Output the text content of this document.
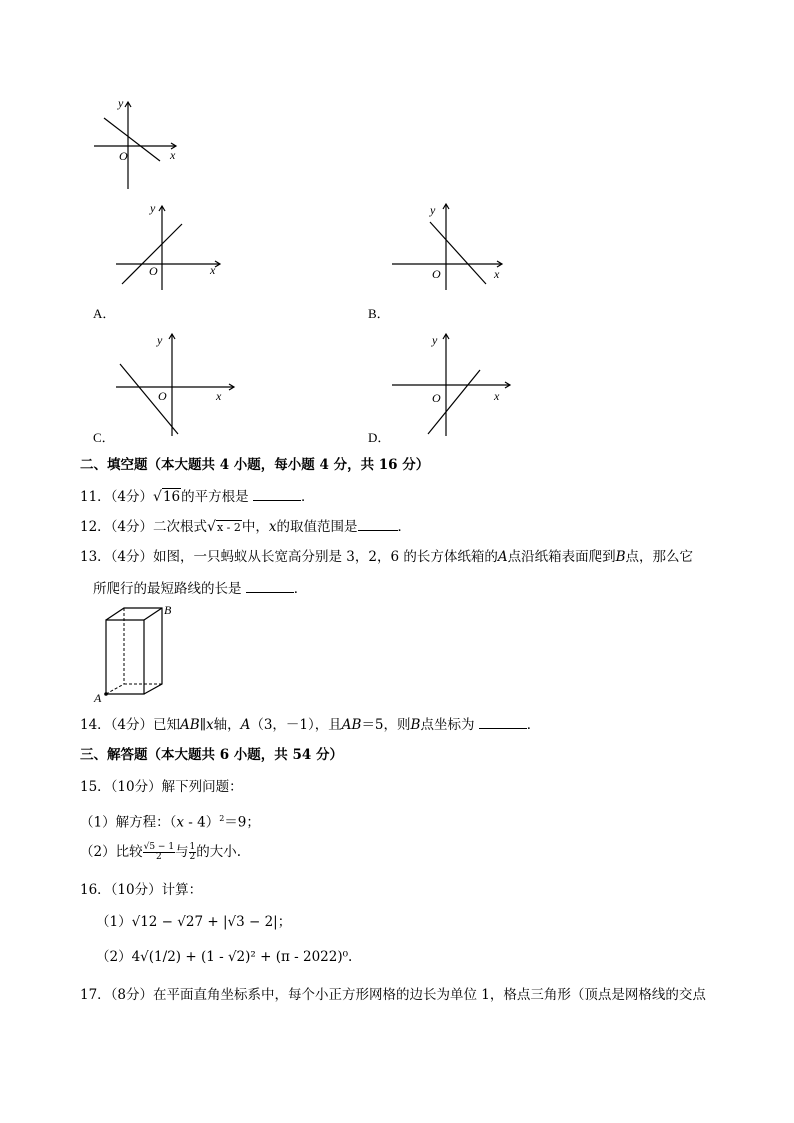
y
x
O
y
x
O
A．
y
x
O
B．
y
x
O
C．
y
x
O
D．
二、填空题（本大题共 4 小题，每小题 4 分，共 16 分）
11．（4分）√16的平方根是	．
12．（4分）二次根式√x - 2中，x的取值范围是	．
13．（4分）如图，一只蚂蚁从长宽高分别是 3，2，6 的长方体纸箱的A点沿纸箱表面爬到B点，那么它
所爬行的最短路线的长是	．
A
B
14．（4分）已知AB∥x轴，A（3，－1），且AB＝5，则B点坐标为	．
三、解答题（本大题共 6 小题，共 54 分）
15．（10分）解下列问题：
（1）解方程：（x - 4）$^2$＝9；
（2）比较 $\frac{√5 - 1}{2}$ 与 $\frac{1}{2}$ 的大小.
16．（10分）计算：
（1）√12 − √27 + |√3 − 2|；
（2）4√(1/2) + (1 - √2)² + (π - 2022)⁰.
17．（8分）在平面直角坐标系中，每个小正方形网格的边长为单位 1，格点三角形（顶点是网格线的交点
